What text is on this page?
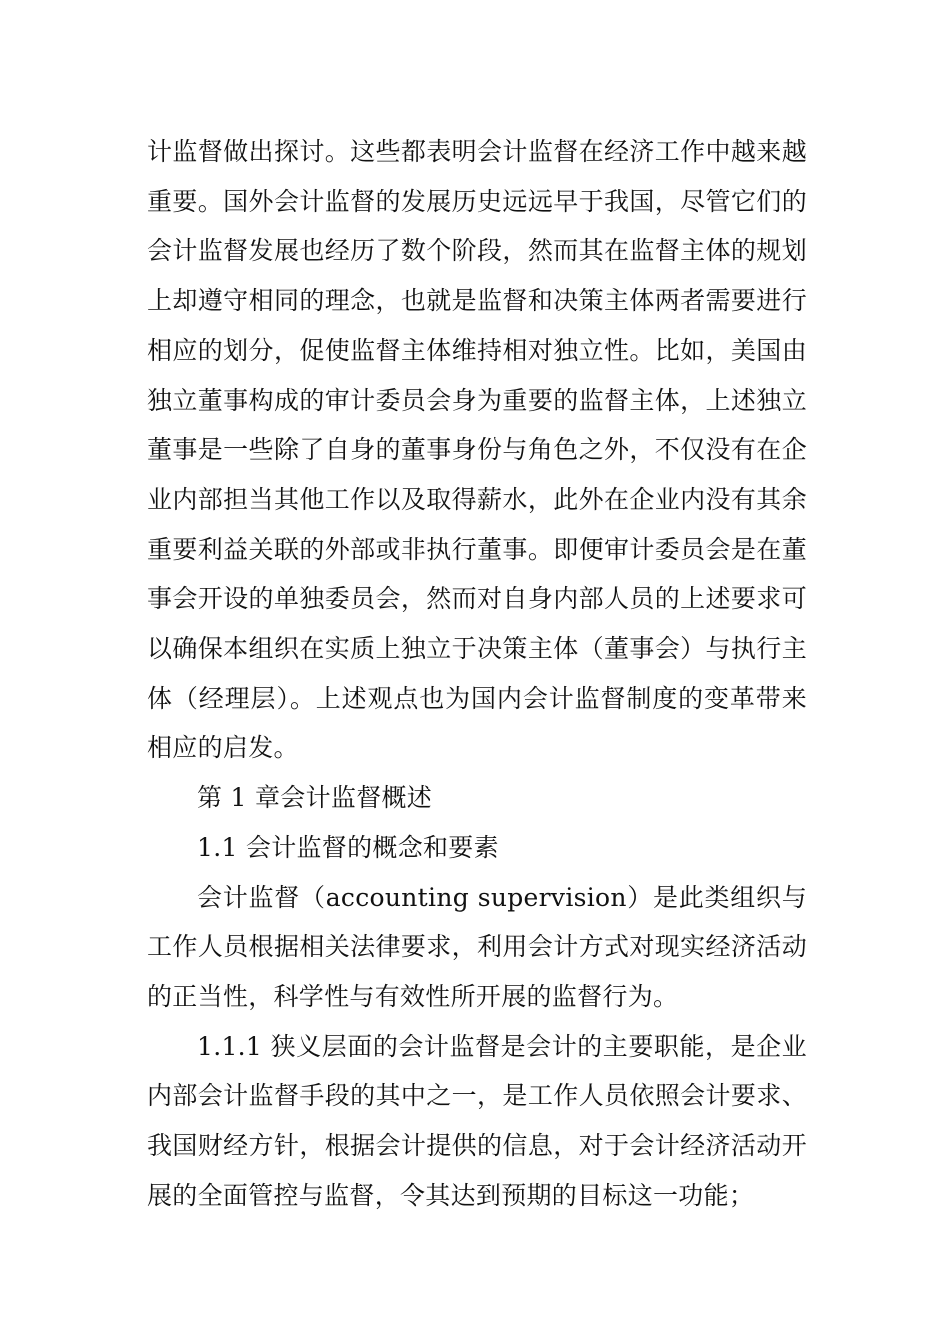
计监督做出探讨。这些都表明会计监督在经济工作中越来越重要。国外会计监督的发展历史远远早于我国，尽管它们的会计监督发展也经历了数个阶段，然而其在监督主体的规划上却遵守相同的理念，也就是监督和决策主体两者需要进行相应的划分，促使监督主体维持相对独立性。比如，美国由独立董事构成的审计委员会身为重要的监督主体，上述独立董事是一些除了自身的董事身份与角色之外，不仅没有在企业内部担当其他工作以及取得薪水，此外在企业内没有其余重要利益关联的外部或非执行董事。即便审计委员会是在董事会开设的单独委员会，然而对自身内部人员的上述要求可以确保本组织在实质上独立于决策主体（董事会）与执行主体（经理层）。上述观点也为国内会计监督制度的变革带来相应的启发。

第 1 章会计监督概述

1.1 会计监督的概念和要素

会计监督（accounting supervision）是此类组织与工作人员根据相关法律要求，利用会计方式对现实经济活动的正当性，科学性与有效性所开展的监督行为。

1.1.1 狭义层面的会计监督是会计的主要职能，是企业内部会计监督手段的其中之一，是工作人员依照会计要求、我国财经方针，根据会计提供的信息，对于会计经济活动开展的全面管控与监督，令其达到预期的目标这一功能；
